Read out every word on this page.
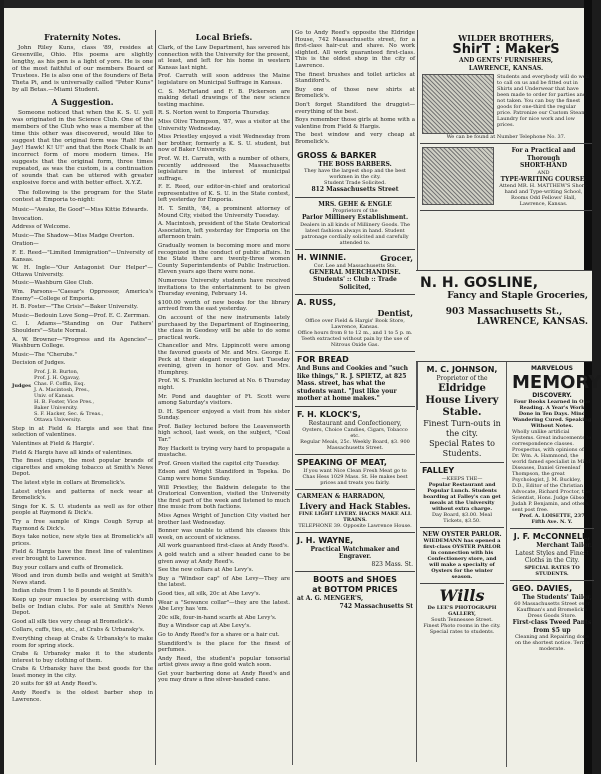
Fraternity Notes.

John Riley Kuns, class '89, resides at Greenville, Ohio. His poems are slightly lengthy, as his pen is a light of yore. He is one of the most faithful of our members Board of Trustees. He is also one of the founders of Beta Theta Pi, and is universally called "Peter Kuns" by all Betas.—Miami Student.

A Suggestion.

Someone noticed that when the K. S. U. yell was originated in the Science Club. One of the members of the Club who was a member at the time this other was discovered, would like to suggest that the original form was 'Rah! Rah! Jay! Hawk! K! U!' and that the Rock Chalk is an incorrect form of more modern times. He suggests that the original form, three times repeated, as was the custom, is a continuation of sounds that can be uttered with greater explosive force and with better effect. X.Y.Z.

The following is the program for the State contest at Emporia to-night:

Music—"Awake, Be Good"—Miss Kittie Edwards.

Invocation.

Address of Welcome.

Music—The Shadow—Miss Madge Overton.

Oration—

F. E. Reed—"Limited Immigration"—University of Kansas.

W. H. Ingle—"Our Antagonist Our Helper"—Ottawa University.

Music—Washburn Glee Club.

Wm. Parsons—"Caesar's Oppressor, America's Enemy"—College of Emporia.

H. B. Foster—"The Crisis"—Baker University.

Music—Bedouin Love Song—Prof. E. C. Zerrman.

C. I. Adams—"Standing on Our Fathers' Shoulders"—State Normal.

A. W. Browner—"Progress and its Agencies"—Washburn College.

Music—The "Cherubs."

Decision of Judges.

Judges
Prof. J. B. Burton,
Prof. J. H. Ogavay,
Chas. F. Coffin, Esq.
J. A. Macintosh, Pres.,
Univ. of Kansas.
H. B. Foster, Vice Pres.,
Baker University.
S. F. Hacker, Sec. & Treas.,
Ottawa University.

Step in at Field & Hargis and see that fine selection of valentines.

Valentines at Field & Hargis'.

Field & Hargis have all kinds of valentines.

The finest cigars, the most popular brands of cigarettes and smoking tobacco at Smith's News Depot.

The latest style in collars at Bromelick's.

Latest styles and patterns of neck wear at Bromelick's.

Sings for K. S. U. students as well as for other people at Raymond & Dick's.

Try a free sample of Kings Cough Syrup at Raymond & Dick's.

Boys take notice, new style ties at Bromelick's all prices.

Field & Hargis have the finest line of valentines ever brought to Lawrence.

Buy your collars and cuffs of Bromelick.

Wood and iron dumb bells and weight at Smith's News stand.

Indian clubs from 1 to 8 pounds at Smith's.

Keep up your muscles by exercising with dumb bells or Indian clubs. For sale at Smith's News Depot.

Good all silk ties very cheap at Bromelick's.

Collars, cuffs, ties, etc., at Crabs & Urbansky's.

Everything cheap at Crabs & Urbansky's to make room for spring stock.

Crabs & Urbansky make it to the students interest to buy clothing of them.

Crabs & Urbansky have the best goods for the least money in the city.

20 suits for $9 at Andy Reed's.

Andy Reed's is the oldest barber shop in Lawrence.

Local Briefs.

Clark, of the Law Department, has severed his connection with the University for the present, at least, and left for his home in western Kansas last night.

Prof. Carruth will soon address the Maine legislature on Municipal Suffrage in Kansas.

C. S. McFarland and F. B. Pickerson are making detail drawings of the new science testing machine.

R. S. Norton went to Emporia Thursday.

Miss Olive Thompson, '87, was a visitor at the University Wednesday.

Miss Priestley enjoyed a visit Wednesday from her brother, formerly a K. S. U. student, but now of Baker University.

Prof. W. H. Carruth, with a number of others, recently addressed the Massachusetts legislature in the interest of municipal suffrage.

F. E. Reed, our editor-in-chief and oratorical representative of K. S. U. in the State contest, left yesterday for Emporia.

H. T. Smith, '84, a prominent attorney of Mound City, visited the University Tuesday.

A. Macintosh, president of the State Oratorical Association, left yesterday for Emporia on the afternoon train.

Gradually women is becoming more and more recognized in the conduct of public affairs. In the State there are twenty-three women County Superintendents of Public Instruction. Eleven years ago there were none.

Numerous University students have received invitations to the entertainment to be given Thursday evening, February 14.

$100.00 worth of new books for the library arrived from the east yesterday.

On account of the new instruments lately purchased by the Department of Engineering, the class in Geodesy will be able to do some practical work.

Chancellor and Mrs. Lippincott were among the favored guests of Mr. and Mrs. George E. Peck at their elegant reception last Tuesday evening, given in honor of Gov. and Mrs. Humphrey.

Prof. W. S. Franklin lectured at No. 6 Thursday night.

Mr. Pond and daughter of Ft. Scott were among Saturday's visitors.

D. H. Spencer enjoyed a visit from his sister Sunday.

Prof. Bailey lectured before the Leavenworth high school, last week, on the subject, "Coal Tar."

Roy Hackett is trying very hard to propagate a mustache.

Prof. Green visited the capitol city Tuesday.

Edson and Wright Standiford in Topeka. Do Camp were home Sunday.

Will Priestley, the Baldwin delegate to the Oratorical Convention, visited the University the first part of the week and listened to much fine music from both factions.

Miss Agnes Wright of Junction City visited her brother last Wednesday.

Bonner was unable to attend his classes this week, on account of sickness.

All work guaranteed first-class at Andy Reed's.

A gold watch and a silver headed cane to be given away at Andy Reed's.

See the new collars at Abe Levy's.

Buy a "Windsor cap" of Abe Levy—They are the latest.

Good ties, all silk, 20c at Abe Levy's.

Wear a "Sewance collar"—they are the latest. Abe Levy has 'em.

20c silk, four-in-hand scarfs at Abe Levy's.

Buy a Windsor cap at Abe Levy's.

Go to Andy Reed's for a shave or a hair cut.

Standiford's is the place for the finest of perfumes.

Andy Reed, the student's popular tonsorial artist gives away a fine gold watch soon.

Get your barbering done at Andy Reed's and you may draw a fine silver-headed cane.

Go to Andy Reed's opposite the Eldridge House, 742 Massachusetts street, for a first-class hair-cut and shave. No work slighted. All work guaranteed first-class. This is the oldest shop in the city of Lawrence.

The finest brushes and toilet articles at Standiford's.

Buy one of those new shirts at Bromelick's.

Don't forget Standiford the druggist—everything of the best.

Boys remember those girls at home with a valentine from Field & Hargis.

The best window and very cheap at Bromelick's.

GROSS & BARKER
THE BOSS BARBERS.
They have the largest shop and the best workmen in the city.
Student Trade Solicited.
812 Massachusetts Street
MRS. GEHE & ENGLE
Proprietors of the
Parlor Millinery Establishment.
Dealers in all kinds of Millinery Goods. The latest fashions always in hand. Student patronage cordially solicited and carefully attended to.
H. WINNIE.	Grocer,
Cor. Lee and Massachusetts Sts.
GENERAL MERCHANDISE.
Students' :: Club :: Trade Solicited,
A. RUSS,
Dentist,
Office over Field & Hargis' Book Store, Lawrence, Kansas.
Office hours from 8 to 12 m., and 1 to 5 p. m.
Teeth extracted without pain by the use of Nitrous Oxide Gas.
FOR BREAD
And Buns and Cookies and "such like things," R. J. SPIETZ, at 825 Mass. street, has what the students want. "Just like your mother at home makes."
F. H. KLOCK'S,
Restaurant and Confectionery,
Oysters, Choice Candies, Cigars, Tobacco etc.
Regular Meals, 25c. Weekly Board, $3. 900 Massachusetts Street.
SPEAKING OF MEAT,
If you want Nice Clean Fresh Meat go to Chas Hess 1029 Mass. St. He makes best prices and treats you fairly.
CARMEAN & HARRADON,
Livery and Hack Stables.
FINE LIGHT LIVERY. HACKS MAKE ALL TRAINS.
TELEPHONE 39. Opposite Lawrence House.
J. H. WAYNE,
Practical Watchmaker and Engraver.
823 Mass. St.
BOOTS and SHOES
at BOTTOM PRICES
at A. G. MENGER'S,
742 Massachusetts St
WILDER BROTHERS,
ShirT : MakerS
AND GENTS' FURNISHERS,
LAWRENCE, KANSAS.
Students and everybody will do well to call on us and be fitted out in Shirts and Underwear that have been made to order for parties and not taken. You can buy the finest goods for one-third the regular price. Patronize our Custom Steam Laundry for nice work and low prices.
We can be found at Number Telephone No. 37.
For a Practical and Thorough
SHORT-HAND
AND
TYPE-WRITING COURSE,
Attend MR. H. MATTHEW'S Short-hand and Type-writing School, Rooms Odd Fellows' Hall, Lawrence, Kansas.
N. H. GOSLINE,
Fancy and Staple Groceries,
903 Massachusetts St.,
LAWRENCE, KANSAS.
M. C. JOHNSON,
Proprietor of the
Eldridge House Livery Stable.
Finest Turn-outs in the city.
Special Rates to Students.
FALLEY
—KEEPS THE—
Popular Restaurant and Popular Lunch. Students boarding at Falley's can get meals at the University without extra charge.
Day Board, $3.00. Meal Tickets, $3.50.
NEW OYSTER PARLOR.
WIEDEMANN has opened a first-class OYSTER PARLOR in connection with his Confectionery store, and will make a specialty of Oysters for the winter season.
Wills
De LEE'S PHOTOGRAPH GALLERY,
South Tennessee Street.
Finest Photo rooms in the city. Special rates to students.
MARVELOUS
MEMORY
DISCOVERY.
Four Books Learned in One Reading. A Year's Work Done in Ten Days. Mind Wandering Cured. Speaking Without Notes.
Wholly unlike artificial Systems. Great inducements to correspondence classes. Prospectus, with opinions of Dr. Wm. A. Hammond, the world famed specialist in Mind Diseases, Daniel Greenleaf Thompson, the great Psychologist, J. M. Buckley, D.D., Editor of the Christian Advocate, Richard Proctor, the Scientist, Hons. Judge Gibson, Judah P. Benjamin, and others, sent post free.
Prof. A. LOISETTE, 237 Fifth Ave. N. Y.
J. F. McCONNELL,
Merchant Tailor.
Latest Styles and Finest Cloths in the City.
SPECIAL RATES TO STUDENTS.
GEO. DAVIES,
The Students' Tailor,
60 Massachusetts Street over Kauffman's and Bromelick's Dress Goods Store.
First-class Tweed Pants from $5 up
Cleaning and Repairing done on the shortest notice. Terms moderate.
